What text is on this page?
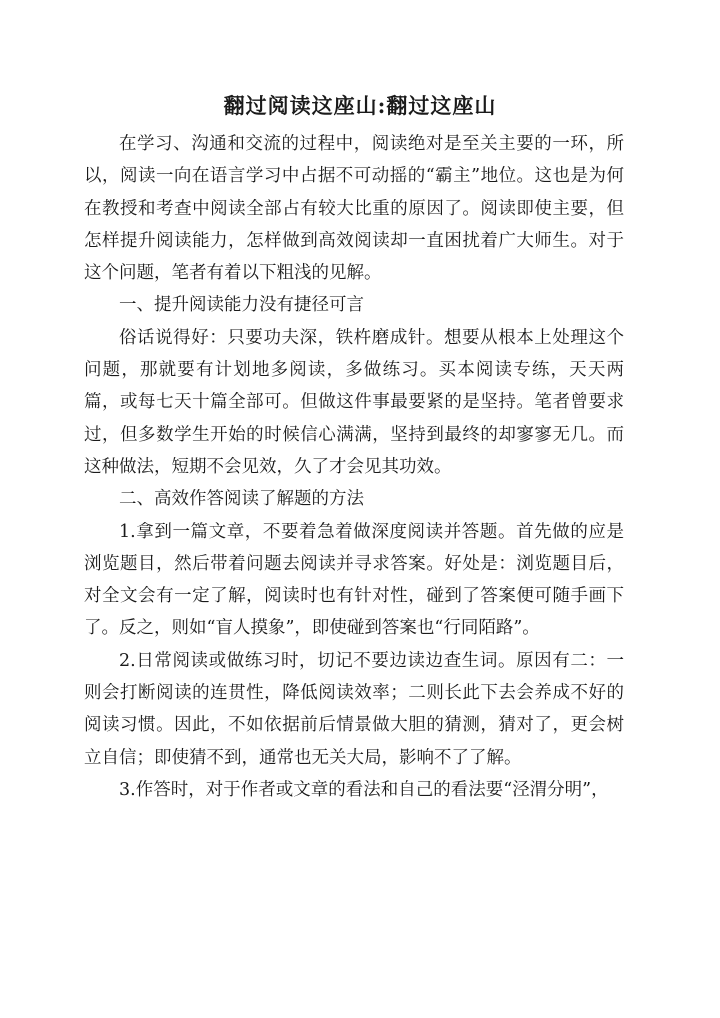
翻过阅读这座山:翻过这座山

在学习、沟通和交流的过程中，阅读绝对是至关主要的一环，所以，阅读一向在语言学习中占据不可动摇的“霸主”地位。这也是为何在教授和考查中阅读全部占有较大比重的原因了。阅读即使主要，但怎样提升阅读能力，怎样做到高效阅读却一直困扰着广大师生。对于这个问题，笔者有着以下粗浅的见解。

一、提升阅读能力没有捷径可言

俗话说得好：只要功夫深，铁杵磨成针。想要从根本上处理这个问题，那就要有计划地多阅读，多做练习。买本阅读专练，天天两篇，或每七天十篇全部可。但做这件事最要紧的是坚持。笔者曾要求过，但多数学生开始的时候信心满满，坚持到最终的却寥寥无几。而这种做法，短期不会见效，久了才会见其功效。

二、高效作答阅读了解题的方法

1.拿到一篇文章，不要着急着做深度阅读并答题。首先做的应是浏览题目，然后带着问题去阅读并寻求答案。好处是：浏览题目后，对全文会有一定了解，阅读时也有针对性，碰到了答案便可随手画下了。反之，则如“盲人摸象”，即使碰到答案也“行同陌路”。

2.日常阅读或做练习时，切记不要边读边查生词。原因有二：一则会打断阅读的连贯性，降低阅读效率；二则长此下去会养成不好的阅读习惯。因此，不如依据前后情景做大胆的猜测，猜对了，更会树立自信；即使猜不到，通常也无关大局，影响不了了解。

3.作答时，对于作者或文章的看法和自己的看法要“泾渭分明”，
